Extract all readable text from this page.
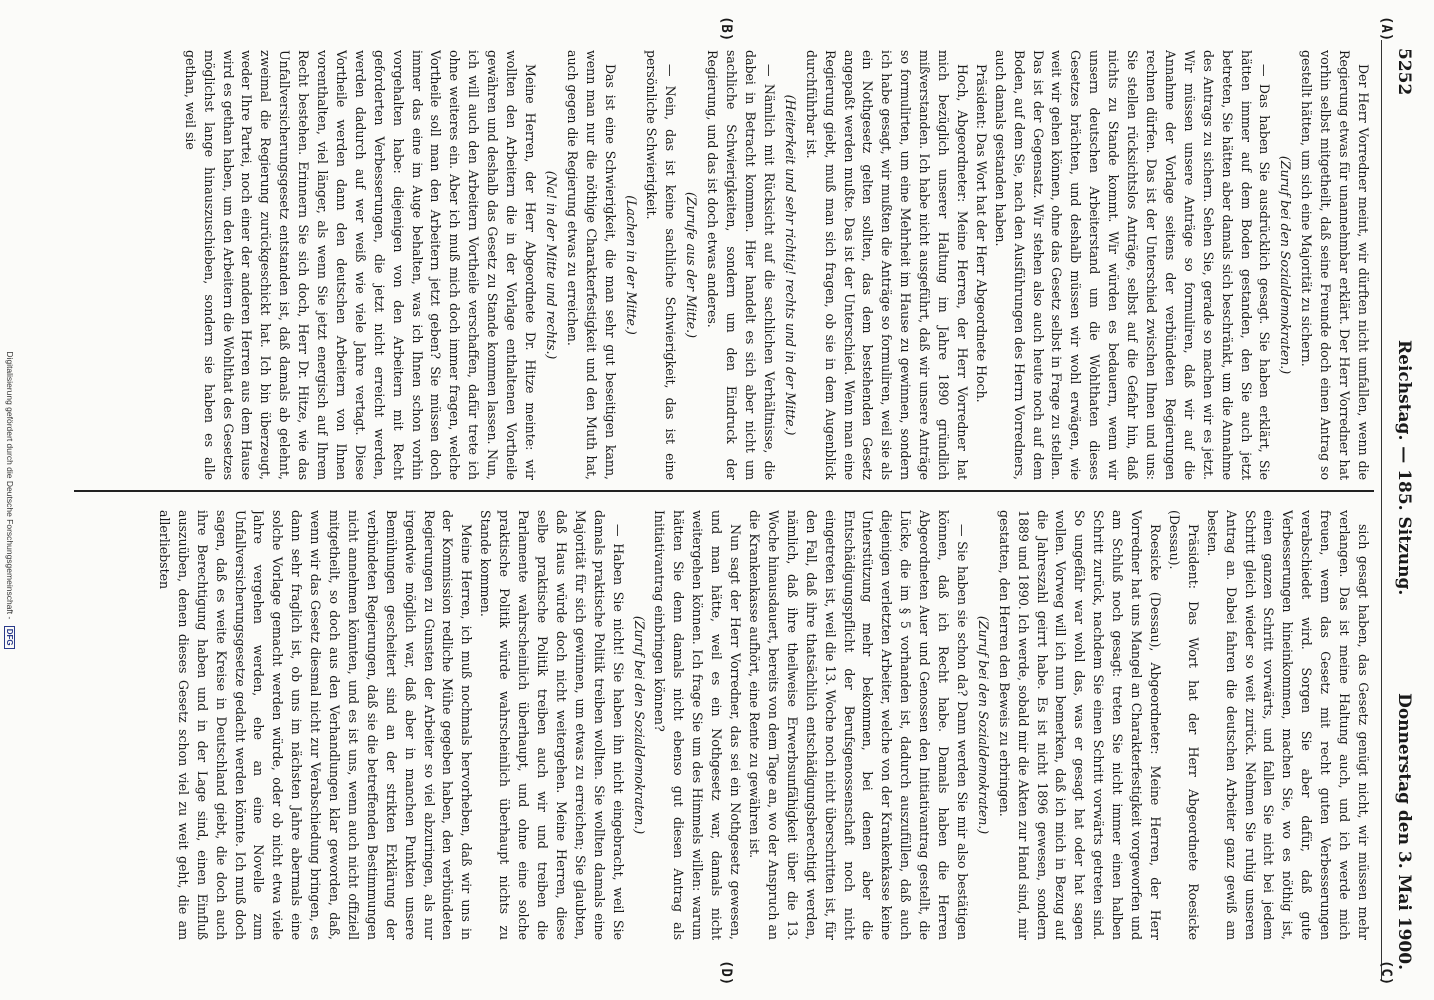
5252
Reichstag. — 185. Sitzung.
Donnerstag den 3. Mai 1900.
(A)
(B)
(C)
(D)

Der Herr Vorredner meint, wir dürften nicht umfallen, wenn die Regierung etwas für unannehmbar erklärt. Der Herr Vorredner hat vorhin selbst mitgetheilt, daß seine Freunde doch einen Antrag so gestellt hätten, um sich eine Majorität zu sichern.

(Zuruf bei den Sozialdemokraten.)

— Das haben Sie ausdrücklich gesagt. Sie haben erklärt, Sie hätten immer auf dem Boden gestanden, den Sie auch jetzt betreten, Sie hätten aber damals sich beschränkt, um die Annahme des Antrags zu sichern. Sehen Sie, gerade so machen wir es jetzt. Wir müssen unsere Anträge so formuliren, daß wir auf die Annahme der Vorlage seitens der verbündeten Regierungen rechnen dürfen. Das ist der Unterschied zwischen Ihnen und uns: Sie stellen rücksichtslos Anträge, selbst auf die Gefahr hin, daß nichts zu Stande kommt. Wir würden es bedauern, wenn wir unsern deutschen Arbeiterstand um die Wohlthaten dieses Gesetzes brächten, und deshalb müssen wir wohl erwägen, wie weit wir gehen können, ohne das Gesetz selbst in Frage zu stellen. Das ist der Gegensatz. Wir stehen also auch heute noch auf dem Boden, auf dem Sie, nach den Ausführungen des Herrn Vorredners, auch damals gestanden haben.

Präsident: Das Wort hat der Herr Abgeordnete Hoch.

Hoch, Abgeordneter: Meine Herren, der Herr Vorredner hat mich bezüglich unserer Haltung im Jahre 1890 gründlich mißverstanden. Ich habe nicht ausgeführt, daß wir unsere Anträge so formulirten, um eine Mehrheit im Hause zu gewinnen, sondern ich habe gesagt, wir mußten die Anträge so formuliren, weil sie als ein Nothgesetz gelten sollten, das dem bestehenden Gesetz angepaßt werden mußte. Das ist der Unterschied. Wenn man eine Regierung giebt, muß man sich fragen, ob sie in dem Augenblick durchführbar ist.

(Heiterkeit und sehr richtig! rechts und in der Mitte.)

— Nämlich mit Rücksicht auf die sachlichen Verhältnisse, die dabei in Betracht kommen. Hier handelt es sich aber nicht um sachliche Schwierigkeiten, sondern um den Eindruck der Regierung, und das ist doch etwas anderes.

(Zurufe aus der Mitte.)

— Nein, das ist keine sachliche Schwierigkeit, das ist eine persönliche Schwierigkeit.

(Lachen in der Mitte.)

Das ist eine Schwierigkeit, die man sehr gut beseitigen kann, wenn man nur die nöthige Charakterfestigkeit und den Muth hat, auch gegen die Regierung etwas zu erreichen.

(Na! in der Mitte und rechts.)

Meine Herren, der Herr Abgeordnete Dr. Hitze meinte: wir wollten den Arbeitern die in der Vorlage enthaltenen Vortheile gewähren und deshalb das Gesetz zu Stande kommen lassen. Nun, ich will auch den Arbeitern Vortheile verschaffen, dafür trete ich ohne weiteres ein. Aber ich muß mich doch immer fragen, welche Vortheile soll man den Arbeitern jetzt geben? Sie müssen doch immer das eine im Auge behalten, was ich Ihnen schon vorhin vorgehalten habe: diejenigen von den Arbeitern mit Recht geforderten Verbesserungen, die jetzt nicht erreicht werden, werden dadurch auf wer weiß wie viele Jahre vertagt. Diese Vortheile werden dann den deutschen Arbeitern von Ihnen vorenthalten, viel länger, als wenn Sie jetzt energisch auf Ihrem Recht bestehen. Erinnern Sie sich doch, Herr Dr. Hitze, wie das Unfallversicherungsgesetz entstanden ist, daß damals ab gelehnt, zweimal die Regierung zurückgeschickt hat. Ich bin überzeugt, weder Ihre Partei, noch einer der anderen Herren aus dem Hause wird es gethan haben, um den Arbeitern die Wohlthat des Gesetzes möglichst lange hinauszuschieben, sondern sie haben es alle gethan, weil sie

sich gesagt haben, das Gesetz genügt nicht, wir müssen mehr verlangen. Das ist meine Haltung auch, und ich werde mich freuen, wenn das Gesetz mit recht guten Verbesserungen verabschiedet wird. Sorgen Sie aber dafür, daß gute Verbesserungen hineinkommen, machen Sie, wo es nöthig ist, einen ganzen Schritt vorwärts, und fallen Sie nicht bei jedem Schritt gleich wieder so weit zurück. Nehmen Sie ruhig unseren Antrag an. Dabei fahren die deutschen Arbeiter ganz gewiß am besten.

Präsident: Das Wort hat der Herr Abgeordnete Roesicke (Dessau).

Roesicke (Dessau), Abgeordneter: Meine Herren, der Herr Vorredner hat uns Mangel an Charakterfestigkeit vorgeworfen und am Schluß noch gesagt: treten Sie nicht immer einen halben Schritt zurück, nachdem Sie einen Schritt vorwärts getreten sind. So ungefähr war wohl das, was er gesagt hat oder hat sagen wollen. Vorweg will ich nun bemerken, daß ich mich in Bezug auf die Jahreszahl geirrt habe. Es ist nicht 1896 gewesen, sondern 1889 und 1890. Ich werde, sobald mir die Akten zur Hand sind, mir gestatten, den Herren den Beweis zu erbringen.

(Zuruf bei den Sozialdemokraten.)

— Sie haben sie schon da? Dann werden Sie mir also bestätigen können, daß ich Recht habe. Damals haben die Herren Abgeordneten Auer und Genossen den Initiativantrag gestellt, die Lücke, die im § 5 vorhanden ist, dadurch auszufüllen, daß auch diejenigen verletzten Arbeiter, welche von der Krankenkasse keine Unterstützung mehr bekommen, bei denen aber die Entschädigungspflicht der Berufsgenossenschaft noch nicht eingetreten ist, weil die 13. Woche noch nicht überschritten ist, für den Fall, daß ihre thatsächlich entschädigungsberechtigt werden, nämlich, daß ihre theilweise Erwerbsunfähigkeit über die 13. Woche hinausdauert, bereits von dem Tage an, wo der Anspruch an die Krankenkasse aufhört, eine Rente zu gewähren ist.

Nun sagt der Herr Vorredner, das sei ein Nothgesetz gewesen, und man hätte, weil es ein Nothgesetz war, damals nicht weitergehen können. Ich frage Sie um des Himmels willen: warum hätten Sie denn damals nicht ebenso gut diesen Antrag als Initiativantrag einbringen können?

(Zuruf bei den Sozialdemokraten.)

— Haben Sie nicht! Sie haben ihn nicht eingebracht, weil Sie damals praktische Politik treiben wollten. Sie wollten damals eine Majorität für sich gewinnen, um etwas zu erreichen; Sie glaubten, daß Haus würde doch nicht weitergehen. Meine Herren, diese selbe praktische Politik treiben auch wir und treiben die Parlamente wahrscheinlich überhaupt, und ohne eine solche praktische Politik würde wahrscheinlich überhaupt nichts zu Stande kommen.

Meine Herren, ich muß nochmals hervorheben, daß wir uns in der Kommission redliche Mühe gegeben haben, den verbündeten Regierungen zu Gunsten der Arbeiter so viel abzuringen, als nur irgendwie möglich war, daß aber in manchen Punkten unsere Bemühungen gescheitert sind an der strikten Erklärung der verbündeten Regierungen, daß sie die betreffenden Bestimmungen nicht annehmen könnten, und es ist uns, wenn auch nicht offiziell mitgetheilt, so doch aus den Verhandlungen klar geworden, daß, wenn wir das Gesetz diesmal nicht zur Verabschiedung bringen, es dann sehr fraglich ist, ob uns im nächsten Jahre abermals eine solche Vorlage gemacht werden würde, oder ob nicht etwa viele Jahre vergehen werden, ehe an eine Novelle zum Unfallversicherungsgesetze gedacht werden könnte. Ich muß doch sagen, daß es weite Kreise in Deutschland giebt, die doch auch ihre Berechtigung haben und in der Lage sind, einen Einfluß auszuüben, denen dieses Gesetz schon viel zu weit geht, die am allerliebsten

Digitalisierung gefördert durch die Deutsche Forschungsgemeinschaft - DFG
